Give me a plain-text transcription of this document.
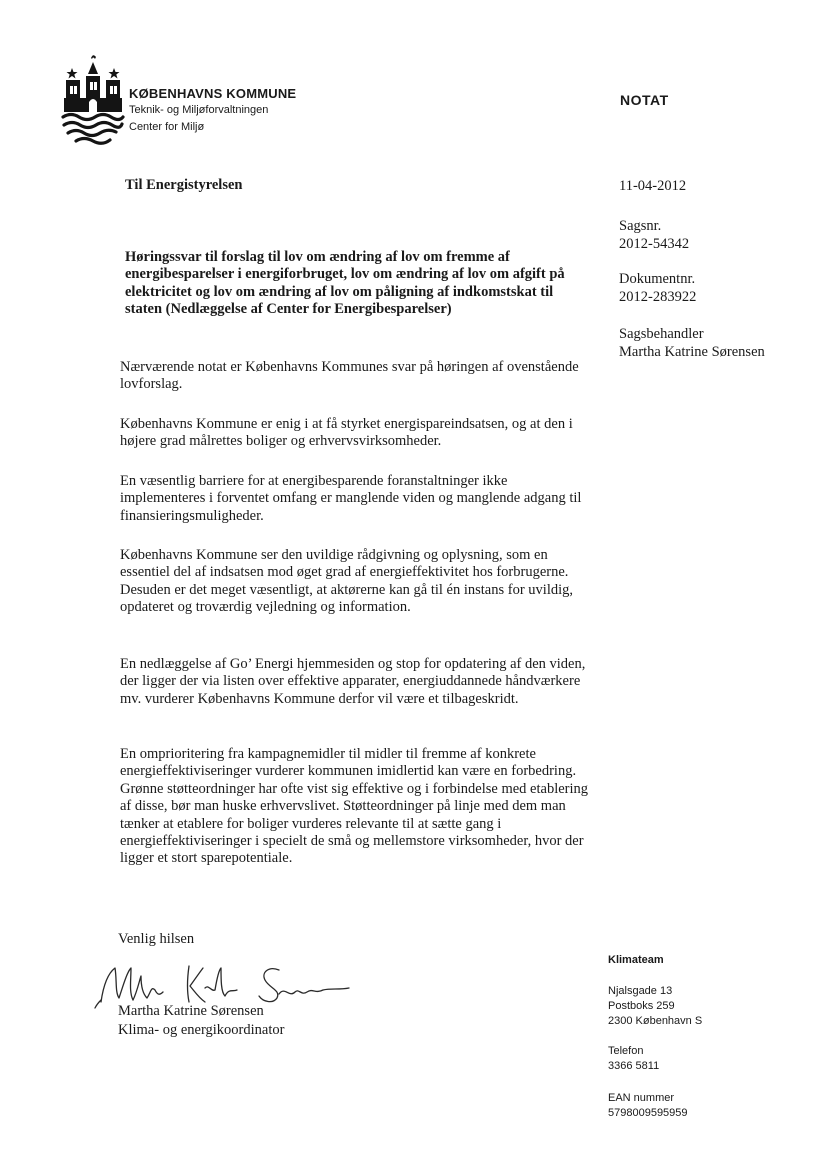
KØBENHAVNS KOMMUNE
Teknik- og Miljøforvaltningen
Center for Miljø
NOTAT
11-04-2012
Sagsnr.
2012-54342
Dokumentnr.
2012-283922
Sagsbehandler
Martha Katrine Sørensen
Til Energistyrelsen
Høringssvar til forslag til lov om ændring af lov om fremme af energibesparelser i energiforbruget, lov om ændring af lov om afgift på elektricitet og lov om ændring af lov om påligning af indkomstskat til staten (Nedlæggelse af Center for Energibesparelser)
Nærværende notat er Københavns Kommunes svar på høringen af ovenstående lovforslag.
Københavns Kommune er enig i at få styrket energispareindsatsen, og at den i højere grad målrettes boliger og erhvervsvirksomheder.
En væsentlig barriere for at energibesparende foranstaltninger ikke implementeres i forventet omfang er manglende viden og manglende adgang til finansieringsmuligheder.
Københavns Kommune ser den uvildige rådgivning og oplysning, som en essentiel del af indsatsen mod øget grad af energieffektivitet hos forbrugerne. Desuden er det meget væsentligt, at aktørerne kan gå til én instans for uvildig, opdateret og troværdig vejledning og information.
En nedlæggelse af Go’ Energi hjemmesiden og stop for opdatering af den viden, der ligger der via listen over effektive apparater, energiuddannede håndværkere mv. vurderer Københavns Kommune derfor vil være et tilbageskridt.
En omprioritering fra kampagnemidler til midler til fremme af konkrete energieffektiviseringer vurderer kommunen imidlertid kan være en forbedring. Grønne støtteordninger har ofte vist sig effektive og i forbindelse med etablering af disse, bør man huske erhvervslivet. Støtteordninger på linje med dem man tænker at etablere for boliger vurderes relevante til at sætte gang i energieffektiviseringer i specielt de små og mellemstore virksomheder, hvor der ligger et stort sparepotentiale.
Venlig hilsen
Martha Katrine Sørensen
Klima- og energikoordinator
Klimateam
Njalsgade 13
Postboks 259
2300 København S
Telefon
3366 5811
EAN nummer
5798009595959
